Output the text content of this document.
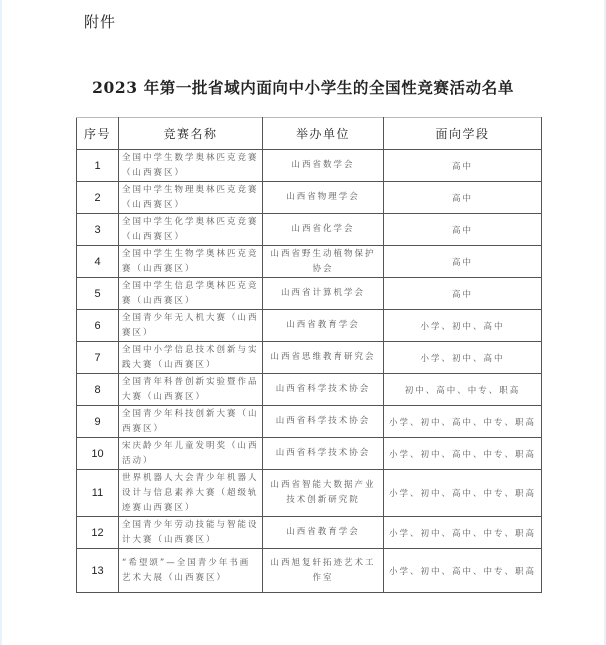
附件
2023 年第一批省域内面向中小学生的全国性竞赛活动名单
序号	竞赛名称	举办单位	面向学段
1	全国中学生数学奥林匹克竞赛（山西赛区）	山西省数学会	高中
2	全国中学生物理奥林匹克竞赛（山西赛区）	山西省物理学会	高中
3	全国中学生化学奥林匹克竞赛（山西赛区）	山西省化学会	高中
4	全国中学生生物学奥林匹克竞赛（山西赛区）	山西省野生动植物保护协会	高中
5	全国中学生信息学奥林匹克竞赛（山西赛区）	山西省计算机学会	高中
6	全国青少年无人机大赛（山西赛区）	山西省教育学会	小学、初中、高中
7	全国中小学信息技术创新与实践大赛（山西赛区）	山西省思维教育研究会	小学、初中、高中
8	全国青年科普创新实验暨作品大赛（山西赛区）	山西省科学技术协会	初中、高中、中专、职高
9	全国青少年科技创新大赛（山西赛区）	山西省科学技术协会	小学、初中、高中、中专、职高
10	宋庆龄少年儿童发明奖（山西活动）	山西省科学技术协会	小学、初中、高中、中专、职高
11	世界机器人大会青少年机器人设计与信息素养大赛（超级轨迹赛山西赛区）	山西省智能大数据产业技术创新研究院	小学、初中、高中、中专、职高
12	全国青少年劳动技能与智能设计大赛（山西赛区）	山西省教育学会	小学、初中、高中、中专、职高
13	“希望颂”—全国青少年书画艺术大展（山西赛区）	山西旭复轩拓迹艺术工作室	小学、初中、高中、中专、职高
